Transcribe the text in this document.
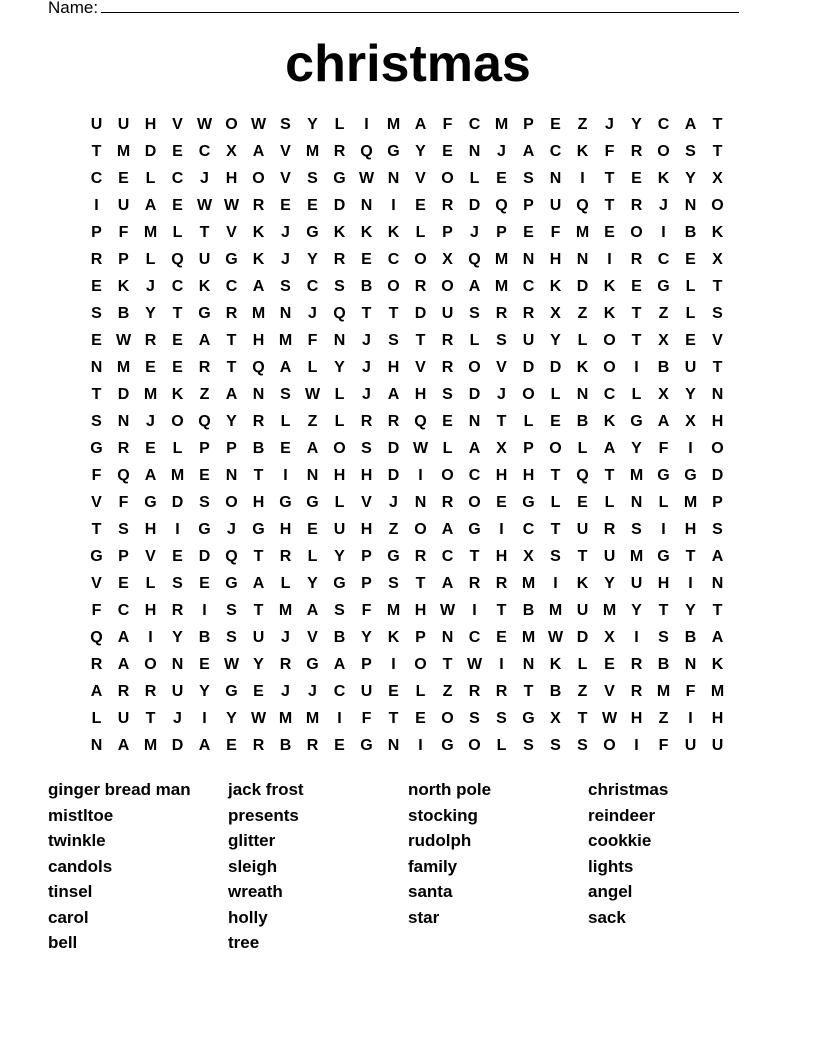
Name:
christmas
U U H V W O W S	Y	L	I	M A	F	C M P	E	Z	J	Y C A	T
T M D E C X A V M R Q G Y	E N	J	A C K	F	R O S	T
C E	L	C	J	H O V	S G W N V O L	E	S N	I	T	E K Y	X
I	U A E W W R E	E D N	I	E R D Q P U Q T	R	J	N O
P	F M L	T	V K	J	G K K K	L	P	J	P	E	F M E O	I	B K
R P	L Q U G K	J	Y R E C O X Q M N H N	I	R C E	X
E K	J	C K C A S C S B O R O A M C K D K E G L	T
S B Y	T G R M N	J	Q T	T	D U S R R X	Z	K	T	Z	L	S
E W R E A	T	H M F	N	J	S	T	R	L	S U Y	L O T	X	E	V
N M E	E R	T Q A	L	Y	J	H V R O V D D K O	I	B U	T
T	D M K	Z	A N S W L	J	A H S D	J	O L	N C	L	X	Y N
S N	J	O Q Y R	L	Z	L	R R Q E N	T	L	E B K G A X H
G R E	L	P	P B E A O S D W L	A X	P O L	A Y	F	I	O
F Q A M E N	T	I	N H H D	I	O C H H	T Q T M G G D
V	F G D S O H G G L	V	J	N R O E G L	E	L	N	L M P
T	S H	I	G	J	G H E U H	Z O A G	I	C	T	U R S	I	H S
G P	V	E D Q T	R	L	Y	P G R C	T	H X	S	T	U M G T	A
V	E	L	S	E G A	L	Y G P	S	T	A R R M	I	K Y U H	I	N
F	C H R	I	S	T M A S	F M H W	I	T	B M U M Y	T	Y	T
Q A	I	Y B S U	J	V B Y K P N C E M W D X	I	S B A
R A O N E W Y R G A P	I	O T W	I	N K	L	E R B N K
A R R U Y G E	J	J	C U E	L	Z	R R	T	B	Z	V R M F M
L	U	T	J	I	Y W M M	I	F	T	E O S	S G X	T W H	Z	I	H
N A M D A E R B R E G N	I	G O L	S	S	S O	I	F	U U
ginger bread man
mistltoe
twinkle
candols
tinsel
carol
bell
jack frost
presents
glitter
sleigh
wreath
holly
tree
north pole
stocking
rudolph
family
santa
star
christmas
reindeer
cookkie
lights
angel
sack
